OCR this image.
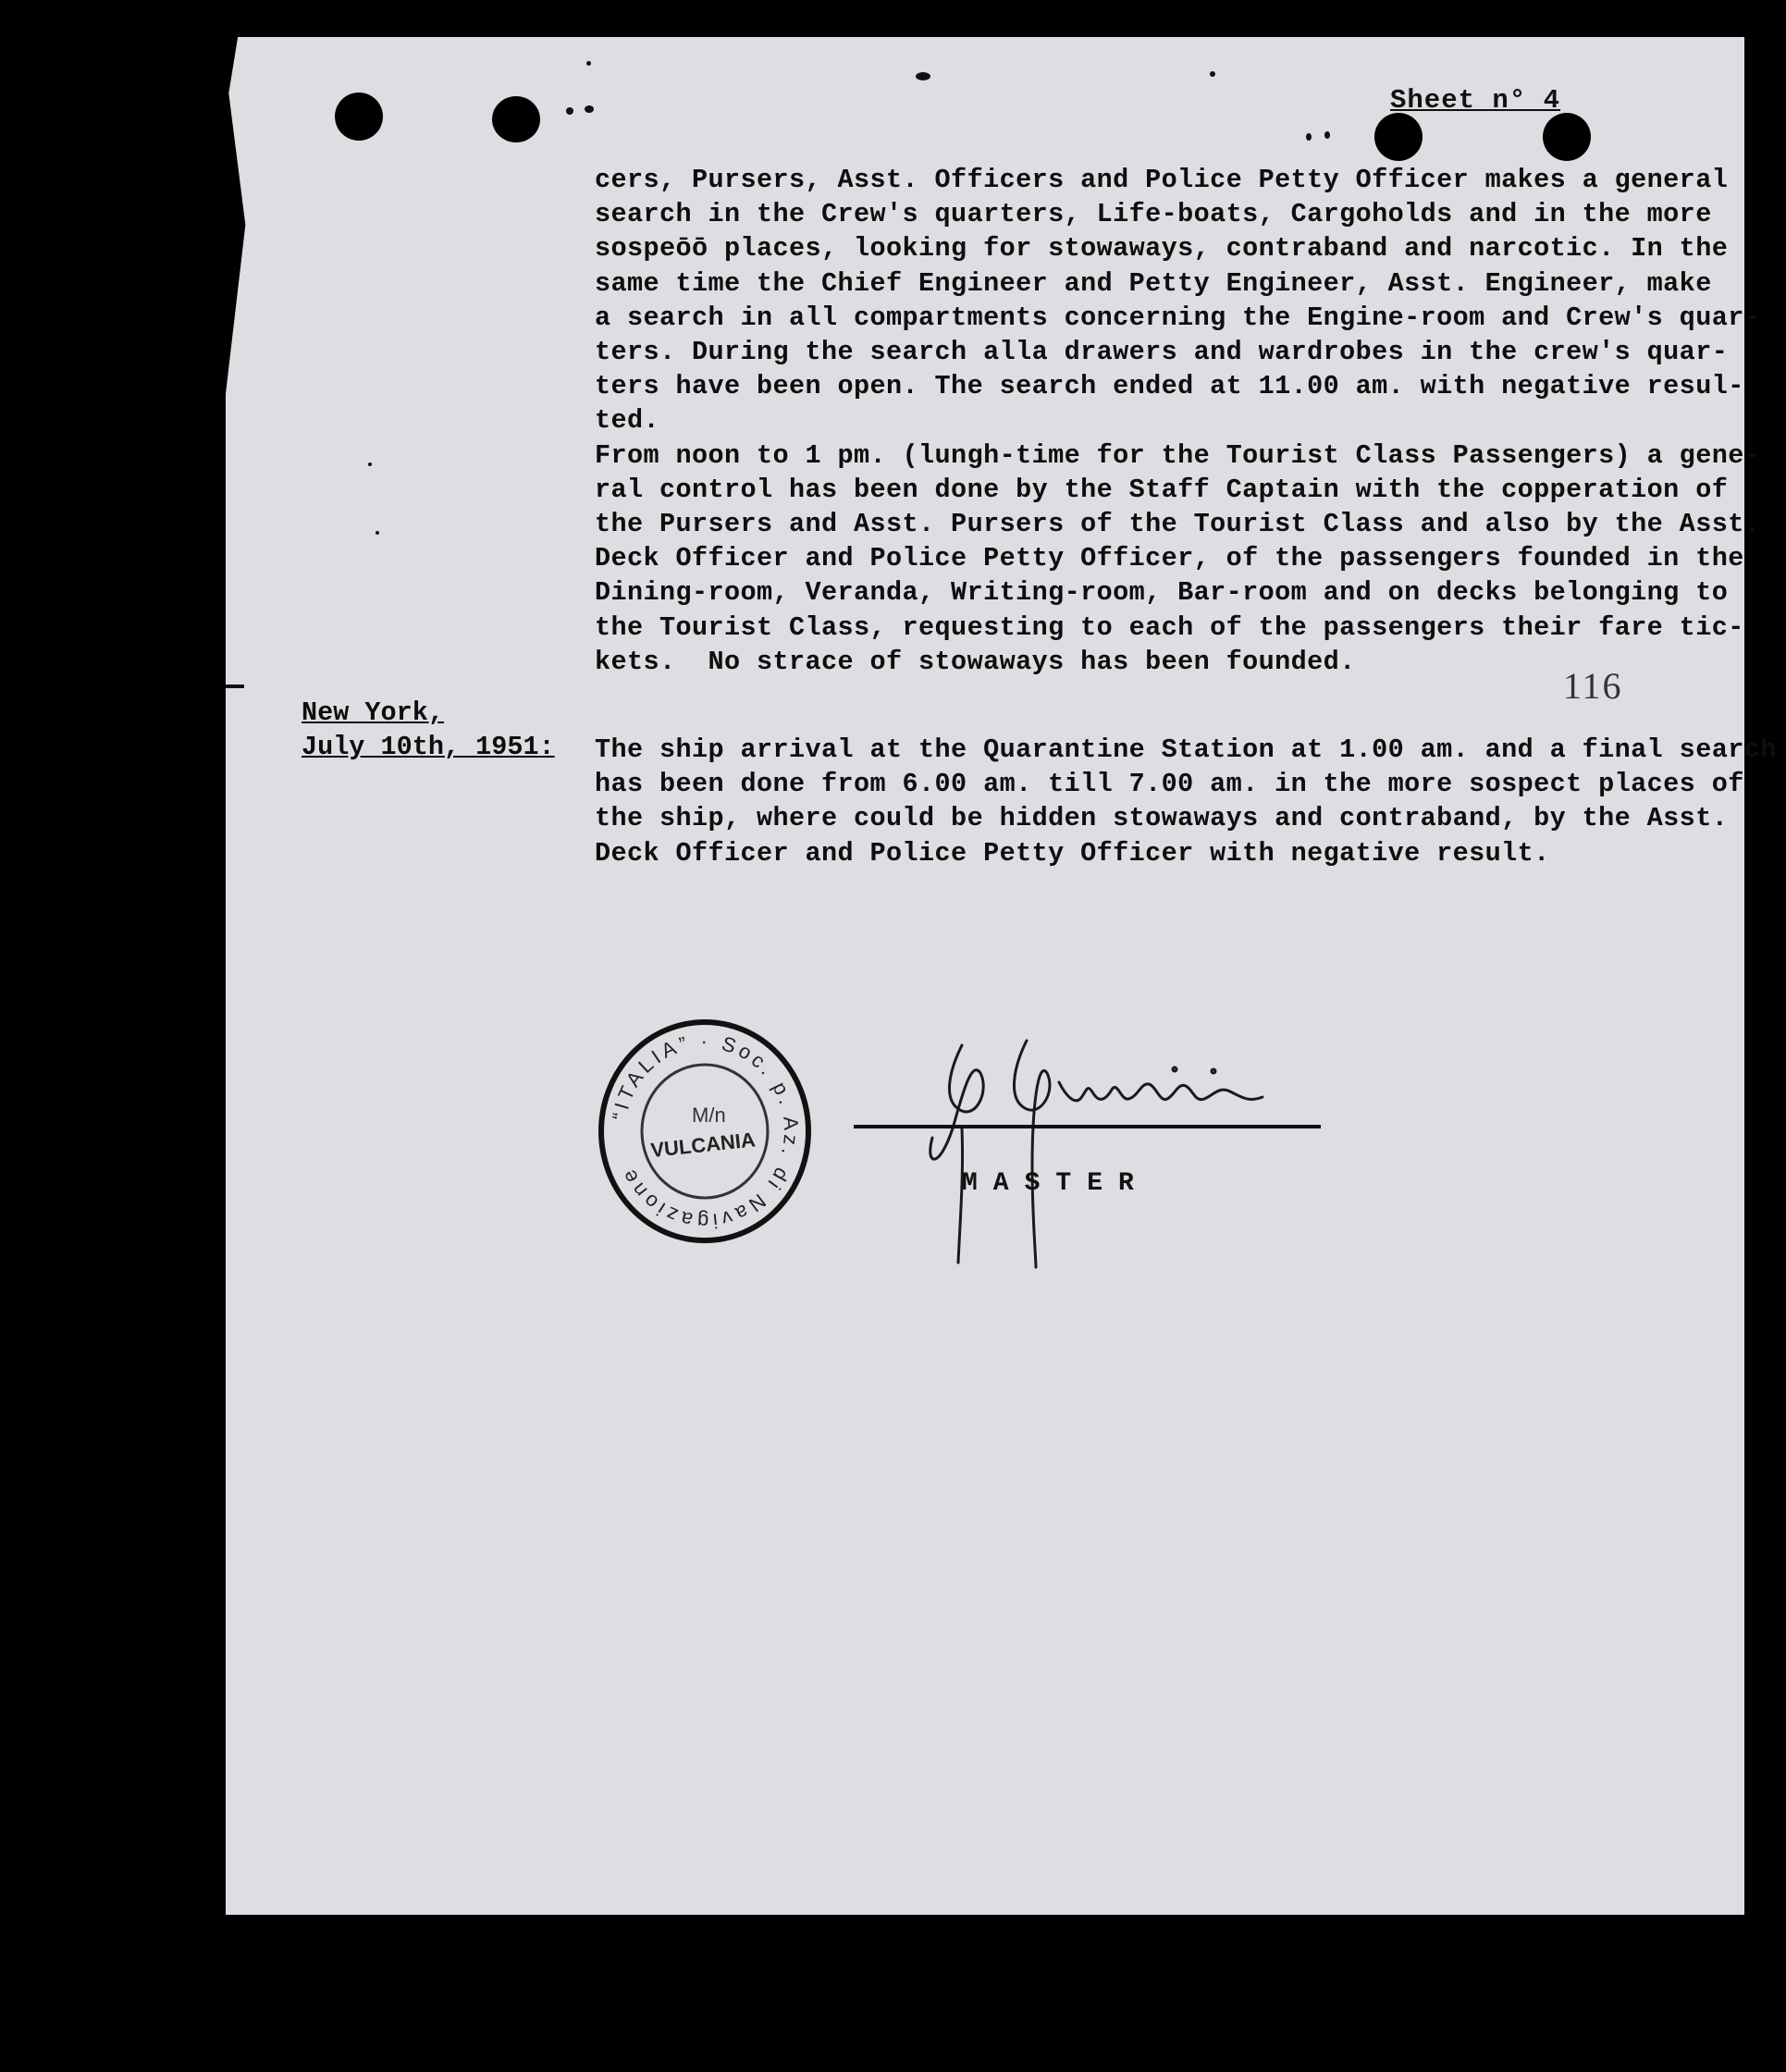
Sheet n° 4
cers, Pursers, Asst. Officers and Police Petty Officer makes a general
search in the Crew's quarters, Life-boats, Cargoholds and in the more
sospeōō places, looking for stowaways, contraband and narcotic. In the
same time the Chief Engineer and Petty Engineer, Asst. Engineer, make
a search in all compartments concerning the Engine-room and Crew's quar-
ters. During the search alla drawers and wardrobes in the crew's quar-
ters have been open. The search ended at 11.00 am. with negative resul-
ted.
From noon to 1 pm. (lungh-time for the Tourist Class Passengers) a gene-
ral control has been done by the Staff Captain with the copperation of
the Pursers and Asst. Pursers of the Tourist Class and also by the Asst.
Deck Officer and Police Petty Officer, of the passengers founded in the
Dining-room, Veranda, Writing-room, Bar-room and on decks belonging to
the Tourist Class, requesting to each of the passengers their fare tic-
kets.  No strace of stowaways has been founded.
116
New York,
July 10th, 1951: The ship arrival at the Quarantine Station at 1.00 am. and a final
has been done from 6.00 am. till 7.00 am. in the more sospect places
the ship, where could be hidden stowaways and contraband, by the Asst.
Deck Officer and Police Petty Officer with negative result.
“ITALIA” · Soc. p. Az. di Navigazione
M/n
VULCANIA
MASTER
